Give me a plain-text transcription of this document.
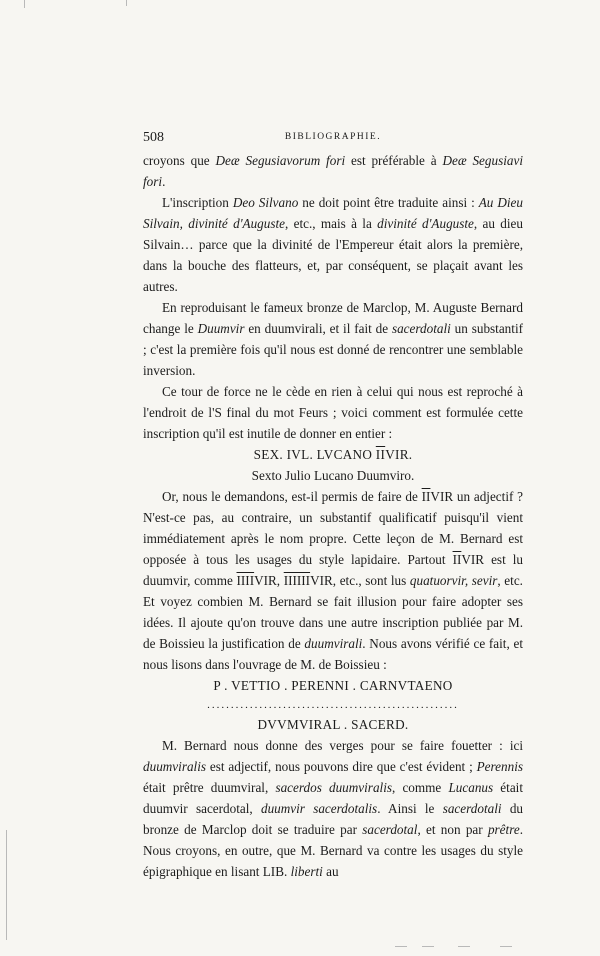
508	BIBLIOGRAPHIE.

croyons que Deæ Segusiavorum fori est préférable à Deæ Segusiavi fori.

L'inscription Deo Silvano ne doit point être traduite ainsi : Au Dieu Silvain, divinité d'Auguste, etc., mais à la divinité d'Auguste, au dieu Silvain… parce que la divinité de l'Empereur était alors la première, dans la bouche des flatteurs, et, par conséquent, se plaçait avant les autres.

En reproduisant le fameux bronze de Marclop, M. Auguste Bernard change le Duumvir en duumvirali, et il fait de sacerdotali un substantif ; c'est la première fois qu'il nous est donné de rencontrer une semblable inversion.

Ce tour de force ne le cède en rien à celui qui nous est reproché à l'endroit de l'S final du mot Feurs ; voici comment est formulée cette inscription qu'il est inutile de donner en entier :

SEX. IVL. LVCANO $\overline{II}VIR$.

Sexto Julio Lucano Duumviro.

Or, nous le demandons, est-il permis de faire de $\overline{II}VIR$ un adjectif ? N'est-ce pas, au contraire, un substantif qualificatif puisqu'il vient immédiatement après le nom propre. Cette leçon de M. Bernard est opposée à tous les usages du style lapidaire. Partout $\overline{II}VIR$ est lu duumvir, comme IIIIVIR, IIIIIIVIR, etc., sont lus quatuorvir, sevir, etc. Et voyez combien M. Bernard se fait illusion pour faire adopter ses idées. Il ajoute qu'on trouve dans une autre inscription publiée par M. de Boissieu la justification de duumvirali. Nous avons vérifié ce fait, et nous lisons dans l'ouvrage de M. de Boissieu :

P . VETTIO . PERENNI . CARNVTAENO

.....................................................

DVVMVIRAL . SACERD.

M. Bernard nous donne des verges pour se faire fouetter : ici duumviralis est adjectif, nous pouvons dire que c'est évident ; Perennis était prêtre duumviral, sacerdos duumviralis, comme Lucanus était duumvir sacerdotal, duumvir sacerdotalis. Ainsi le sacerdotali du bronze de Marclop doit se traduire par sacerdotal, et non par prêtre. Nous croyons, en outre, que M. Bernard va contre les usages du style épigraphique en lisant LIB. liberti au
